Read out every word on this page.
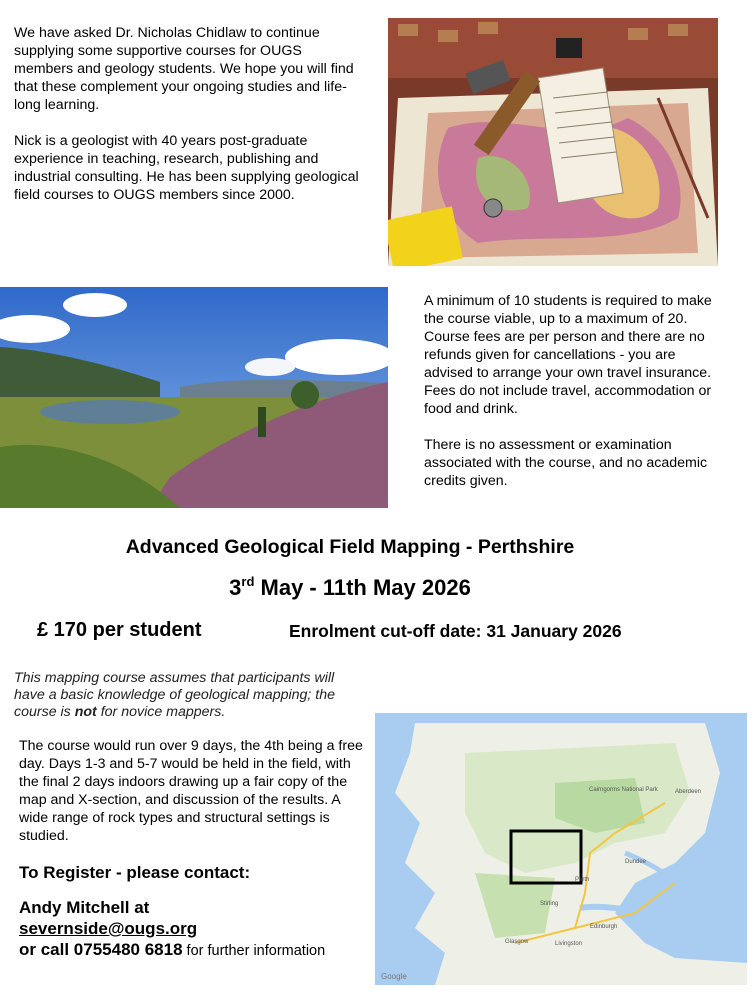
We have asked Dr. Nicholas Chidlaw to continue supplying some supportive courses for OUGS members and geology students. We hope you will find that these complement your ongoing studies and life-long learning.

Nick is a geologist with 40 years post-graduate experience in teaching, research, publishing and industrial consulting. He has been supplying geological field courses to OUGS members since 2000.

A minimum of 10 students is required to make the course viable, up to a maximum of 20. Course fees are per person and there are no refunds given for cancellations - you are advised to arrange your own travel insurance. Fees do not include travel, accommodation or food and drink.

There is no assessment or examination associated with the course, and no academic credits given.

Advanced Geological Field Mapping - Perthshire
3rd May - 11th May 2026
£ 170 per student	Enrolment cut-off date: 31 January 2026
This mapping course assumes that participants will have a basic knowledge of geological mapping; the course is not for novice mappers.
The course would run over 9 days, the 4th being a free day. Days 1-3 and 5-7 would be held in the field, with the final 2 days indoors drawing up a fair copy of the map and X-section, and discussion of the results. A wide range of rock types and structural settings is studied.
To Register - please contact:
Andy Mitchell at
severnside@ougs.org
or call 0755480 6818 for further information
Cairngorms National Park	Aberdeen
Perth
Dundee
Glasgow
Edinburgh
Stirling
Livingston
Google
